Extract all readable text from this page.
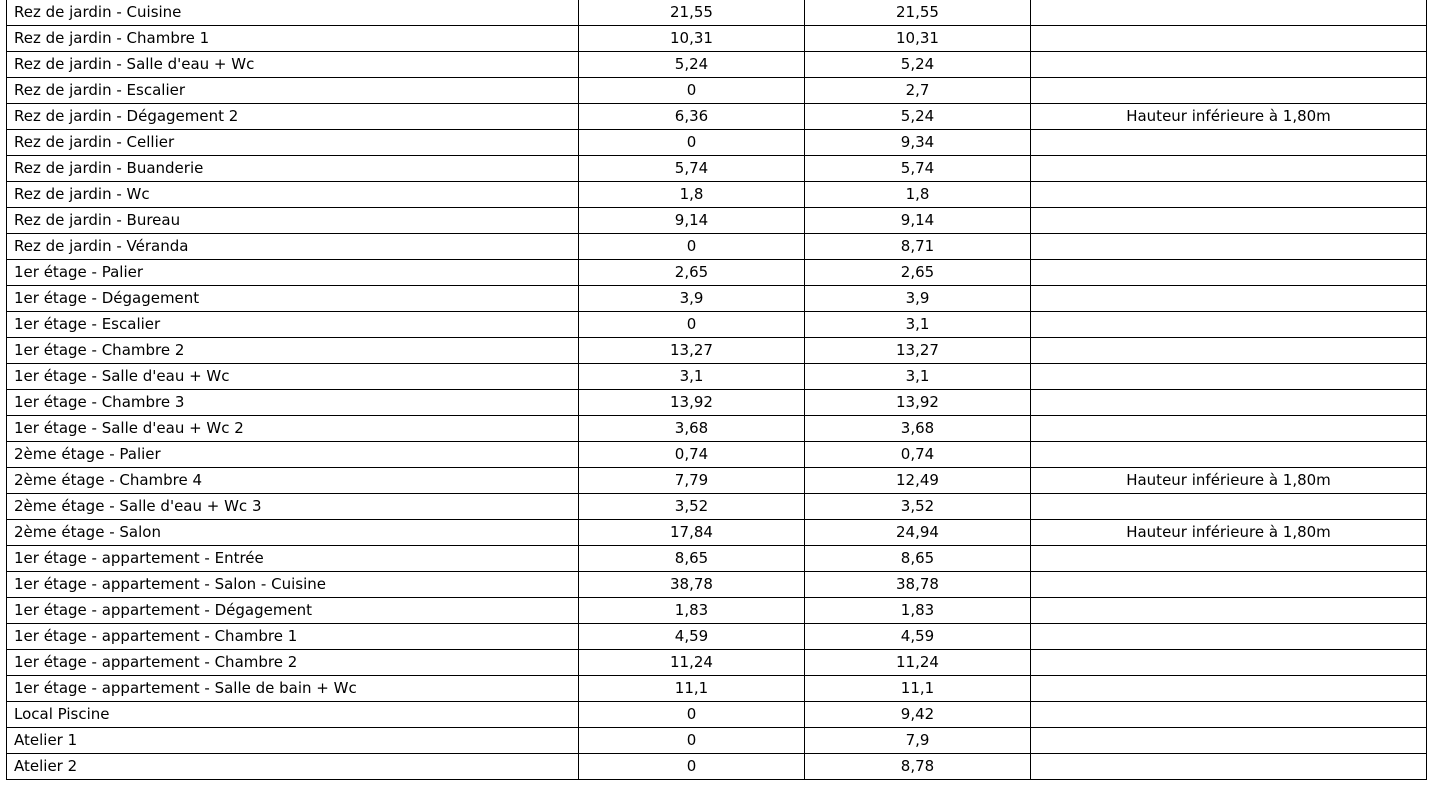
Rez de jardin - Cuisine	21,55	21,55	
Rez de jardin - Chambre 1	10,31	10,31	
Rez de jardin - Salle d'eau + Wc	5,24	5,24	
Rez de jardin - Escalier	0	2,7	
Rez de jardin - Dégagement 2	6,36	5,24	Hauteur inférieure à 1,80m
Rez de jardin - Cellier	0	9,34	
Rez de jardin - Buanderie	5,74	5,74	
Rez de jardin - Wc	1,8	1,8	
Rez de jardin - Bureau	9,14	9,14	
Rez de jardin - Véranda	0	8,71	
1er étage - Palier	2,65	2,65	
1er étage - Dégagement	3,9	3,9	
1er étage - Escalier	0	3,1	
1er étage - Chambre 2	13,27	13,27	
1er étage - Salle d'eau + Wc	3,1	3,1	
1er étage - Chambre 3	13,92	13,92	
1er étage - Salle d'eau + Wc 2	3,68	3,68	
2ème étage - Palier	0,74	0,74	
2ème étage - Chambre 4	7,79	12,49	Hauteur inférieure à 1,80m
2ème étage - Salle d'eau + Wc 3	3,52	3,52	
2ème étage - Salon	17,84	24,94	Hauteur inférieure à 1,80m
1er étage - appartement - Entrée	8,65	8,65	
1er étage - appartement - Salon - Cuisine	38,78	38,78	
1er étage - appartement - Dégagement	1,83	1,83	
1er étage - appartement - Chambre 1	4,59	4,59	
1er étage - appartement - Chambre 2	11,24	11,24	
1er étage - appartement - Salle de bain + Wc	11,1	11,1	
Local Piscine	0	9,42	
Atelier 1	0	7,9	
Atelier 2	0	8,78	
